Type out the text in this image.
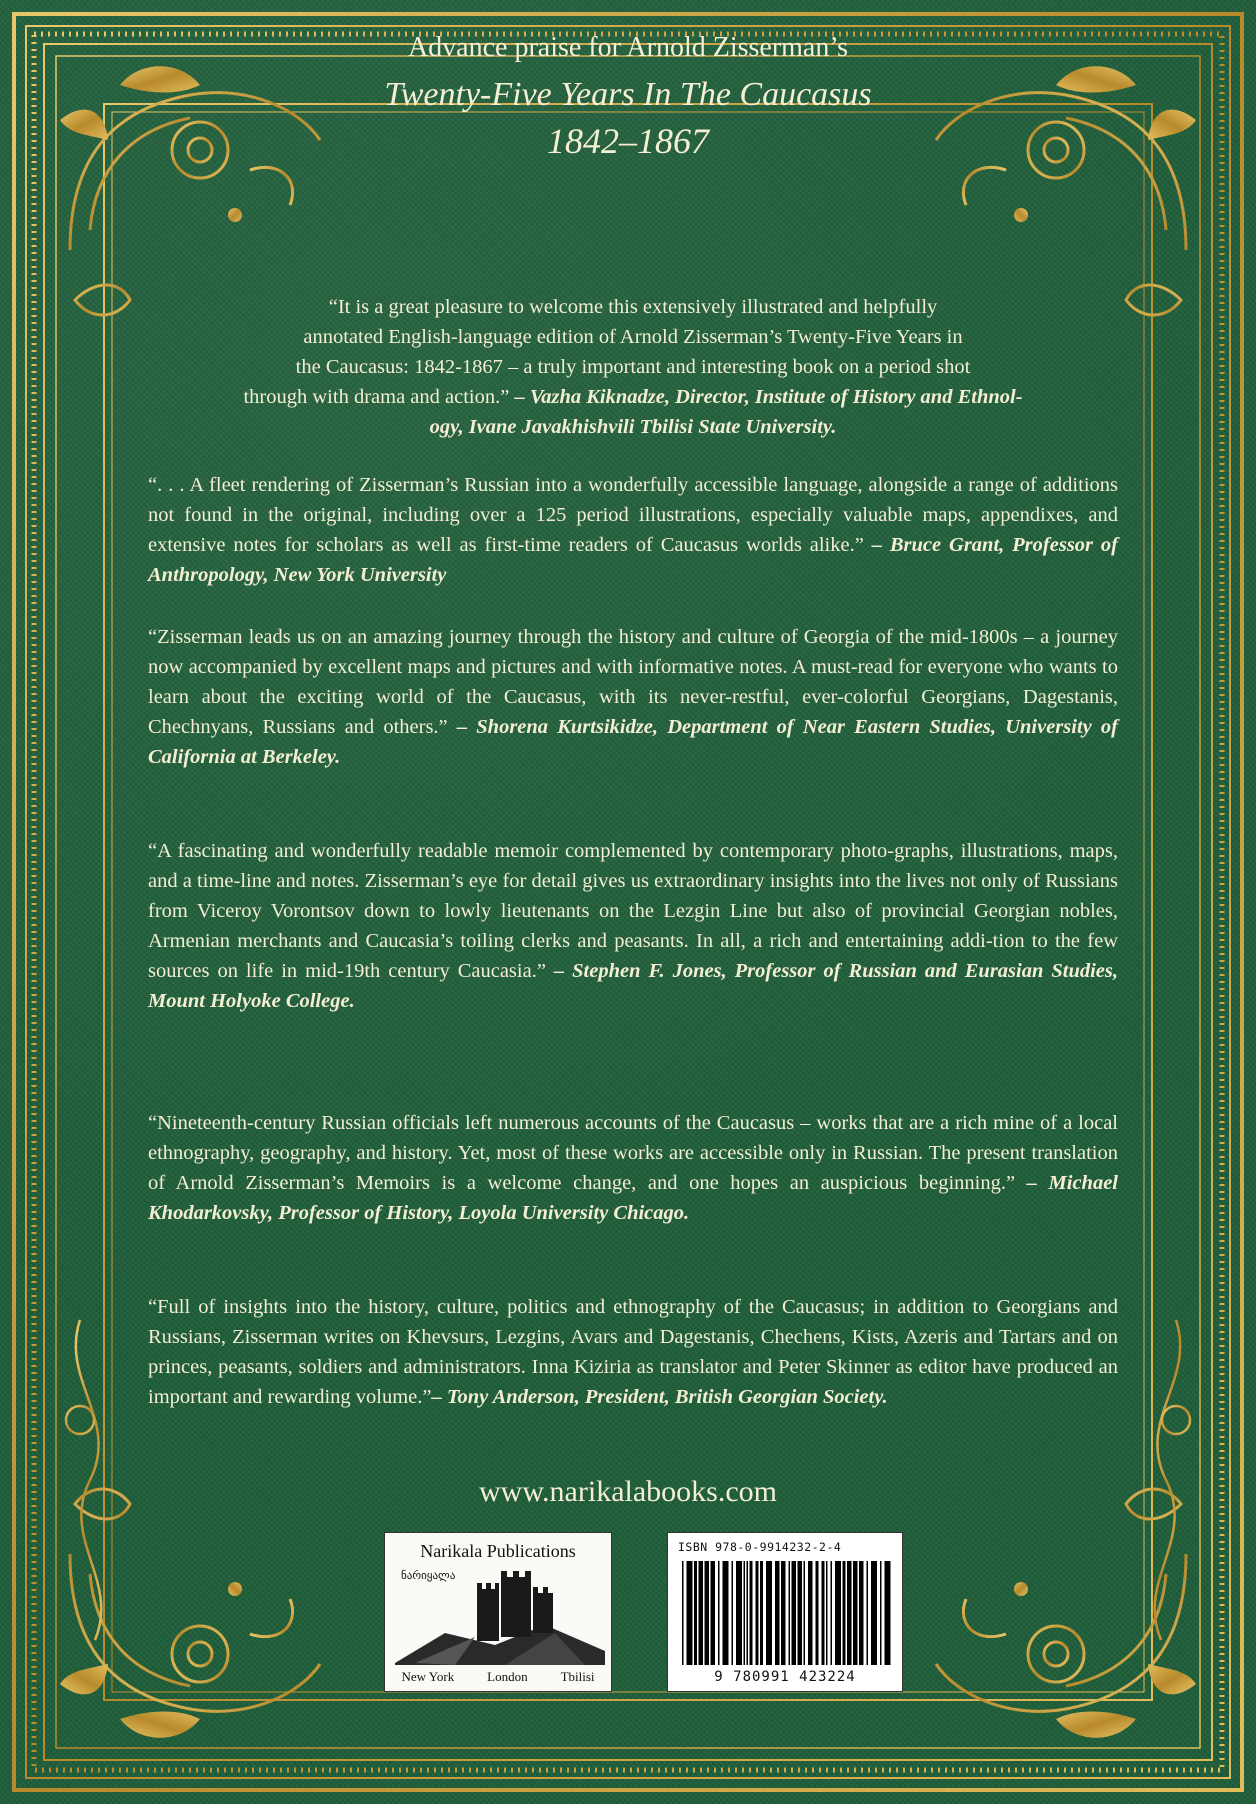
Advance praise for Arnold Zisserman’s
Twenty-Five Years In The Caucasus
1842–1867
“It is a great pleasure to welcome this extensively illustrated and helpfully
annotated English-language edition of Arnold Zisserman’s Twenty-Five Years in
the Caucasus: 1842-1867 – a truly important and interesting book on a period shot
through with drama and action.” – Vazha Kiknadze, Director, Institute of History and Ethnol-
ogy, Ivane Javakhishvili Tbilisi State University.
“. . . A fleet rendering of Zisserman’s Russian into a wonderfully accessible language, alongside a range of additions not found in the original, including over a 125 period illustrations, especially valuable maps, appendixes, and extensive notes for scholars as well as first-time readers of Caucasus worlds alike.” – Bruce Grant, Professor of Anthropology, New York University
“Zisserman leads us on an amazing journey through the history and culture of Georgia of the mid-1800s – a journey now accompanied by excellent maps and pictures and with informative notes. A must-read for everyone who wants to learn about the exciting world of the Caucasus, with its never-restful, ever-colorful Georgians, Dagestanis, Chechnyans, Russians and others.” – Shorena Kurtsikidze, Department of Near Eastern Studies, University of California at Berkeley.
“A fascinating and wonderfully readable memoir complemented by contemporary photo-graphs, illustrations, maps, and a time-line and notes. Zisserman’s eye for detail gives us extraordinary insights into the lives not only of Russians from Viceroy Vorontsov down to lowly lieutenants on the Lezgin Line but also of provincial Georgian nobles, Armenian merchants and Caucasia’s toiling clerks and peasants. In all, a rich and entertaining addi-tion to the few sources on life in mid-19th century Caucasia.” – Stephen F. Jones, Professor of Russian and Eurasian Studies, Mount Holyoke College.
“Nineteenth-century Russian officials left numerous accounts of the Caucasus – works that are a rich mine of a local ethnography, geography, and history. Yet, most of these works are accessible only in Russian. The present translation of Arnold Zisserman’s Memoirs is a welcome change, and one hopes an auspicious beginning.” – Michael Khodarkovsky, Professor of History, Loyola University Chicago.
“Full of insights into the history, culture, politics and ethnography of the Caucasus; in addition to Georgians and Russians, Zisserman writes on Khevsurs, Lezgins, Avars and Dagestanis, Chechens, Kists, Azeris and Tartars and on princes, peasants, soldiers and administrators. Inna Kiziria as translator and Peter Skinner as editor have produced an important and rewarding volume.”– Tony Anderson, President, British Georgian Society.
www.narikalabooks.com
Narikala Publications
ნარიყალა
New York	London	Tbilisi
ISBN 978-0-9914232-2-4
9 780991 423224
